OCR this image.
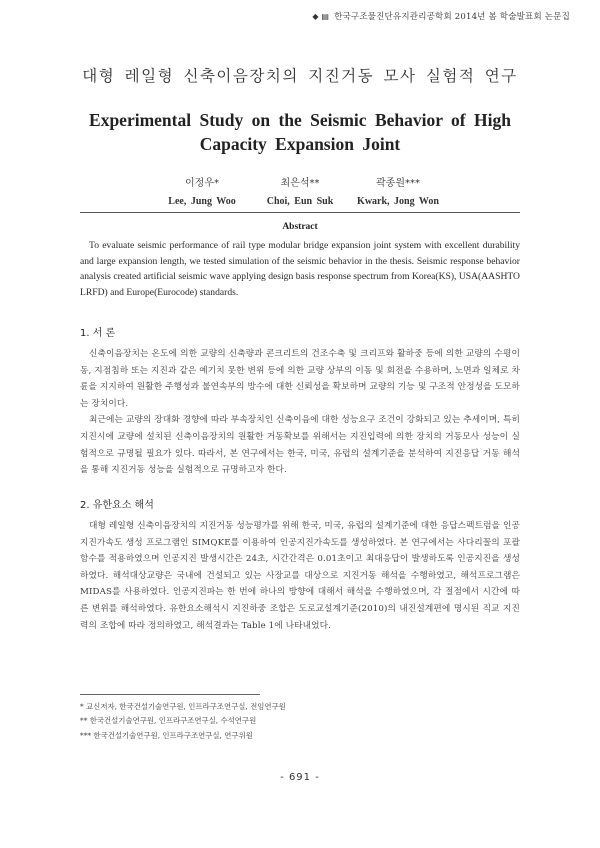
◆ ▤ 한국구조물진단유지관리공학회 2014년 봄 학술발표회 논문집
대형 레일형 신축이음장치의 지진거동 모사 실험적 연구
Experimental Study on the Seismic Behavior of High Capacity Expansion Joint
이정우*
Lee, Jung Woo
최은석**
Choi, Eun Suk
곽종원***
Kwark, Jong Won
Abstract
To evaluate seismic performance of rail type modular bridge expansion joint system with excellent durability and large expansion length, we tested simulation of the seismic behavior in the thesis. Seismic response behavior analysis created artificial seismic wave applying design basis response spectrum from Korea(KS), USA(AASHTO LRFD) and Europe(Eurocode) standards.
1. 서 론

신축이음장치는 온도에 의한 교량의 신축량과 콘크리트의 건조수축 및 크리프와 활하중 등에 의한 교량의 수평이동, 지점침하 또는 지진과 같은 예기치 못한 변위 등에 의한 교량 상부의 이동 및 회전을 수용하며, 노면과 일체로 차륜을 지지하여 원활한 주행성과 불연속부의 방수에 대한 신뢰성을 확보하며 교량의 기능 및 구조적 안정성을 도모하는 장치이다.

최근에는 교량의 장대화 경향에 따라 부속장치인 신축이음에 대한 성능요구 조건이 강화되고 있는 추세이며, 특히 지진시에 교량에 설치된 신축이음장치의 원활한 거동확보를 위해서는 지진입력에 의한 장치의 거동모사 성능이 실험적으로 규명될 필요가 있다. 따라서, 본 연구에서는 한국, 미국, 유럽의 설계기준을 분석하여 지진응답 거동 해석을 통해 지진거동 성능을 실험적으로 규명하고자 한다.

2. 유한요소 해석

대형 레일형 신축이음장치의 지진거동 성능평가를 위해 한국, 미국, 유럽의 설계기준에 대한 응답스펙트럼을 인공지진가속도 생성 프로그램인 SIMQKE를 이용하여 인공지진가속도를 생성하였다. 본 연구에서는 사다리꼴의 포괄함수를 적용하였으며 인공지진 발생시간은 24초, 시간간격은 0.01초이고 최대응답이 발생하도록 인공지진을 생성하였다. 해석대상교량은 국내에 건설되고 있는 사장교를 대상으로 지진거동 해석을 수행하였고, 해석프로그램은 MIDAS를 사용하였다. 인공지진파는 한 번에 하나의 방향에 대해서 해석을 수행하였으며, 각 절점에서 시간에 따른 변위를 해석하였다. 유한요소해석시 지진하중 조합은 도로교설계기준(2010)의 내진설계편에 명시된 직교 지진력의 조합에 따라 정의하였고, 해석결과는 Table 1에 나타내었다.

* 교신저자, 한국건설기술연구원, 인프라구조연구실, 전임연구원
** 한국건설기술연구원, 인프라구조연구실, 수석연구원
*** 한국건설기술연구원, 인프라구조연구실, 연구위원
- 691 -
